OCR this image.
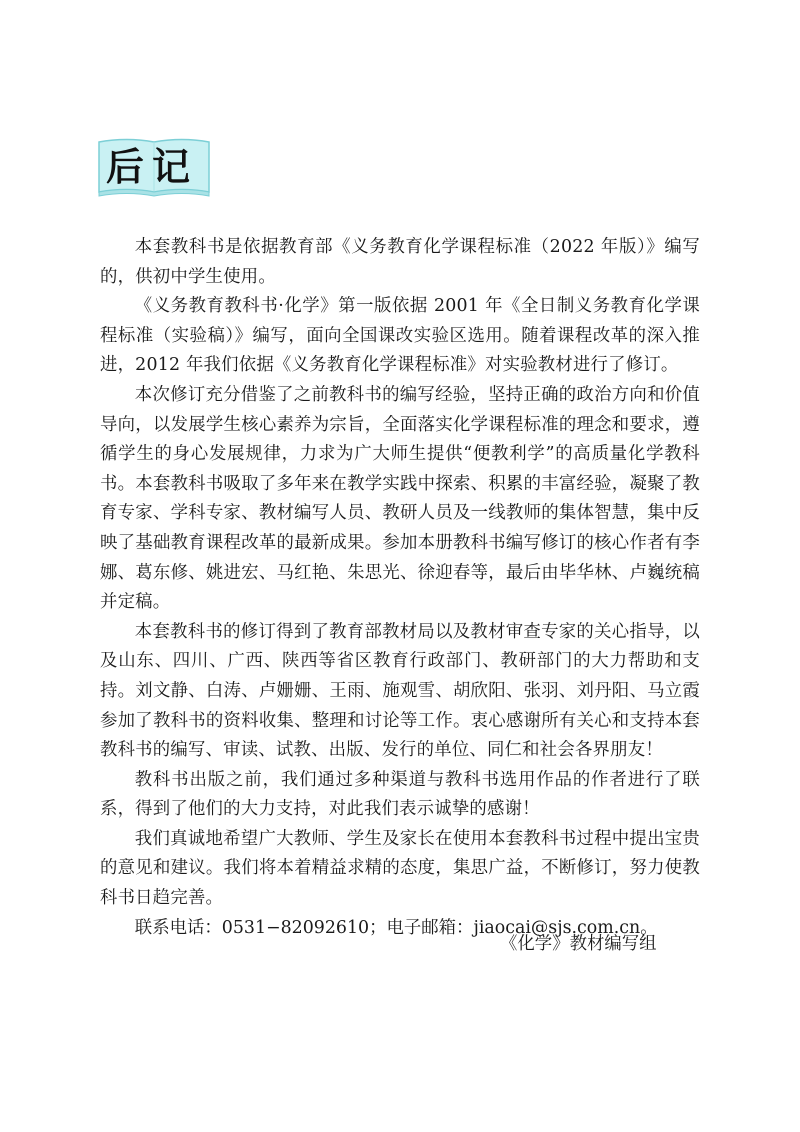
后记

本套教科书是依据教育部《义务教育化学课程标准（2022 年版）》编写的，供初中学生使用。

《义务教育教科书·化学》第一版依据 2001 年《全日制义务教育化学课程标准（实验稿）》编写，面向全国课改实验区选用。随着课程改革的深入推进，2012 年我们依据《义务教育化学课程标准》对实验教材进行了修订。

本次修订充分借鉴了之前教科书的编写经验，坚持正确的政治方向和价值导向，以发展学生核心素养为宗旨，全面落实化学课程标准的理念和要求，遵循学生的身心发展规律，力求为广大师生提供“便教利学”的高质量化学教科书。本套教科书吸取了多年来在教学实践中探索、积累的丰富经验，凝聚了教育专家、学科专家、教材编写人员、教研人员及一线教师的集体智慧，集中反映了基础教育课程改革的最新成果。参加本册教科书编写修订的核心作者有李娜、葛东修、姚进宏、马红艳、朱思光、徐迎春等，最后由毕华林、卢巍统稿并定稿。

本套教科书的修订得到了教育部教材局以及教材审查专家的关心指导，以及山东、四川、广西、陕西等省区教育行政部门、教研部门的大力帮助和支持。刘文静、白涛、卢姗姗、王雨、施观雪、胡欣阳、张羽、刘丹阳、马立霞参加了教科书的资料收集、整理和讨论等工作。衷心感谢所有关心和支持本套教科书的编写、审读、试教、出版、发行的单位、同仁和社会各界朋友！

教科书出版之前，我们通过多种渠道与教科书选用作品的作者进行了联系，得到了他们的大力支持，对此我们表示诚挚的感谢！

我们真诚地希望广大教师、学生及家长在使用本套教科书过程中提出宝贵的意见和建议。我们将本着精益求精的态度，集思广益，不断修订，努力使教科书日趋完善。

联系电话：0531−82092610；电子邮箱：jiaocai@sjs.com.cn。

《化学》教材编写组
